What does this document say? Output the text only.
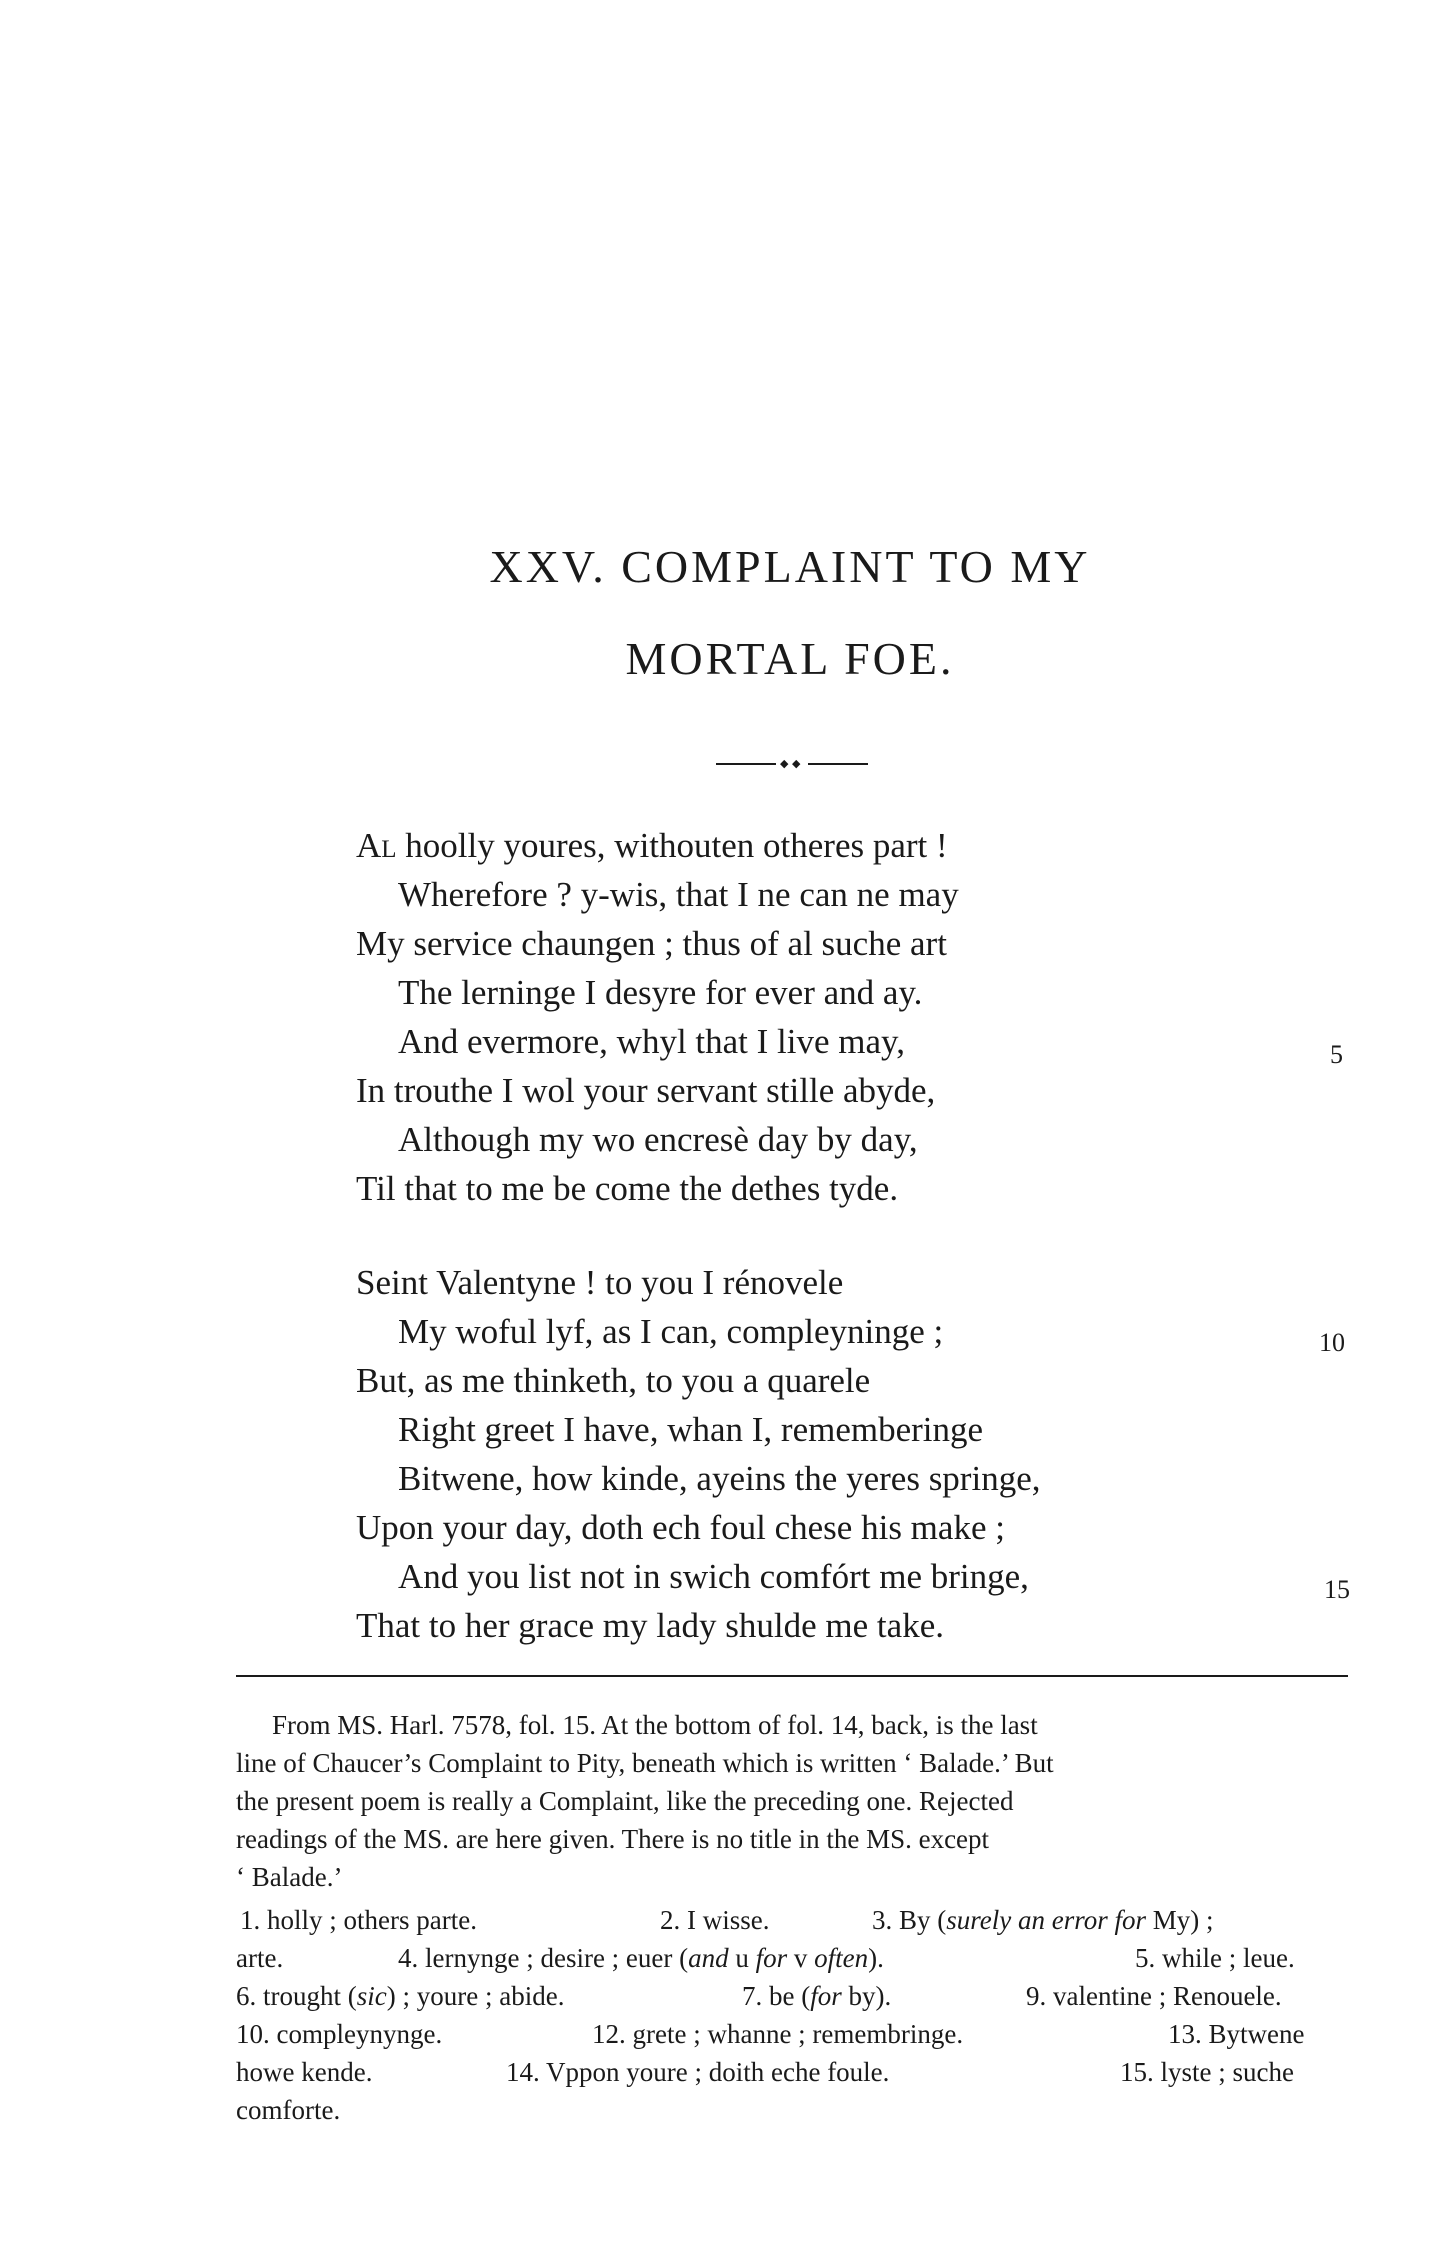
XXV. COMPLAINT TO MY
MORTAL FOE.
◆ ◆
Al hoolly youres, withouten otheres part !
Wherefore ? y-wis, that I ne can ne may
My service chaungen ; thus of al suche art
The lerninge I desyre for ever and ay.
And evermore, whyl that I live may,
In trouthe I wol your servant stille abyde,
Although my wo encresè day by day,
Til that to me be come the dethes tyde.
Seint Valentyne ! to you I rénovele
My woful lyf, as I can, compleyninge ;
But, as me thinketh, to you a quarele
Right greet I have, whan I, rememberinge
Bitwene, how kinde, ayeins the yeres springe,
Upon your day, doth ech foul chese his make ;
And you list not in swich comfórt me bringe,
That to her grace my lady shulde me take.
5
10
15
From MS. Harl. 7578, fol. 15. At the bottom of fol. 14, back, is the last
line of Chaucer’s Complaint to Pity, beneath which is written ‘ Balade.’ But
the present poem is really a Complaint, like the preceding one. Rejected
readings of the MS. are here given. There is no title in the MS. except
‘ Balade.’
1. holly ; others parte.	2. I wisse.	3. By (surely an error for My) ;
arte.	4. lernynge ; desire ; euer (and u for v often).	5. while ; leue.
6. trought (sic) ; youre ; abide.	7. be (for by).	9. valentine ; Renouele.
10. compleynynge.	12. grete ; whanne ; remembringe.	13. Bytwene
howe kende.	14. Vppon youre ; doith eche foule.	15. lyste ; suche
comforte.
